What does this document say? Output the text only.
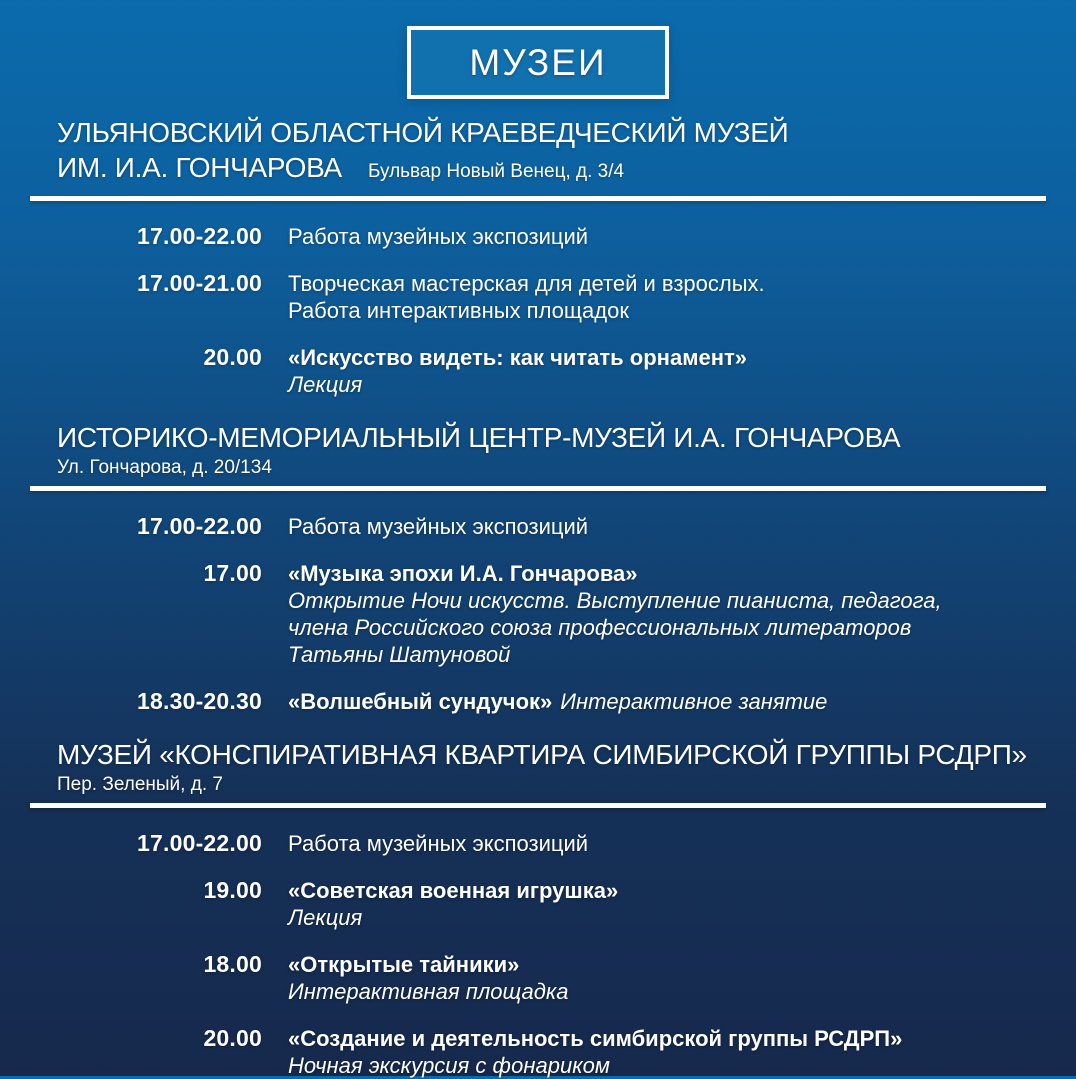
МУЗЕИ
УЛЬЯНОВСКИЙ ОБЛАСТНОЙ КРАЕВЕДЧЕСКИЙ МУЗЕЙ
ИМ. И.А. ГОНЧАРОВА Бульвар Новый Венец, д. 3/4
17.00-22.00 Работа музейных экспозиций
17.00-21.00 Творческая мастерская для детей и взрослых.
Работа интерактивных площадок
20.00 «Искусство видеть: как читать орнамент»
Лекция
ИСТОРИКО-МЕМОРИАЛЬНЫЙ ЦЕНТР-МУЗЕЙ И.А. ГОНЧАРОВА
Ул. Гончарова, д. 20/134
17.00-22.00 Работа музейных экспозиций
17.00 «Музыка эпохи И.А. Гончарова»
Открытие Ночи искусств. Выступление пианиста, педагога,
члена Российского союза профессиональных литераторов
Татьяны Шатуновой
18.30-20.30 «Волшебный сундучок» Интерактивное занятие
МУЗЕЙ «КОНСПИРАТИВНАЯ КВАРТИРА СИМБИРСКОЙ ГРУППЫ РСДРП»
Пер. Зеленый, д. 7
17.00-22.00 Работа музейных экспозиций
19.00 «Советская военная игрушка»
Лекция
18.00 «Открытые тайники»
Интерактивная площадка
20.00 «Создание и деятельность симбирской группы РСДРП»
Ночная экскурсия с фонариком
